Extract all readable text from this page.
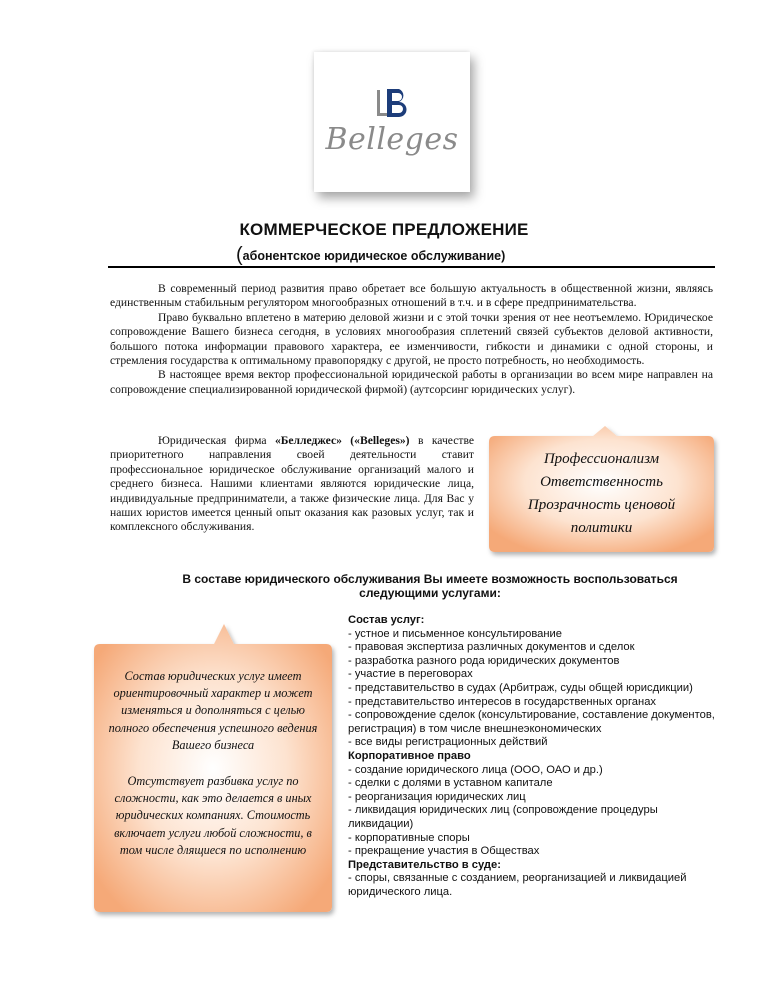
Belleges
КОММЕРЧЕСКОЕ ПРЕДЛОЖЕНИЕ
(абонентское юридическое обслуживание)

В современный период развития право обретает все большую актуальность в общественной жизни, являясь единственным стабильным регулятором многообразных отношений в т.ч. и в сфере предпринимательства.

Право буквально вплетено в материю деловой жизни и с этой точки зрения от нее неотъемлемо. Юридическое сопровождение Вашего бизнеса сегодня, в условиях многообразия сплетений связей субъектов деловой активности, большого потока информации правового характера, ее изменчивости, гибкости и динамики с одной стороны, и стремления государства к оптимальному правопорядку с другой, не просто потребность, но необходимость.

В настоящее время вектор профессиональной юридической работы в организации во всем мире направлен на сопровождение специализированной юридической фирмой) (аутсорсинг юридических услуг).

Юридическая фирма «Белледжес» («Belleges») в качестве приоритетного направления своей деятельности ставит профессиональное юридическое обслуживание организаций малого и среднего бизнеса. Нашими клиентами являются юридические лица, индивидуальные предприниматели, а также физические лица. Для Вас у наших юристов имеется ценный опыт оказания как разовых услуг, так и комплексного обслуживания.

Профессионализм
Ответственность
Прозрачность ценовой
политики
В составе юридического обслуживания Вы имеете возможность воспользоваться следующими услугами:

Состав юридических услуг имеет ориентировочный характер и может изменяться и дополняться с целью полного обеспечения успешного ведения Вашего бизнеса

Отсутствует разбивка услуг по сложности, как это делается в иных юридических компаниях. Стоимость включает услуги любой сложности, в том числе длящиеся по исполнению

Состав услуг:
- устное и письменное консультирование
- правовая экспертиза различных документов и сделок
- разработка разного рода юридических документов
- участие в переговорах
- представительство в судах (Арбитраж, суды общей юрисдикции)
- представительство интересов в государственных органах
- сопровождение сделок (консультирование, составление документов, регистрация) в том числе внешнеэкономических
- все виды регистрационных действий
Корпоративное право
- создание юридического лица (ООО, ОАО и др.)
- сделки с долями в уставном капитале
- реорганизация юридических лиц
- ликвидация юридических лиц (сопровождение процедуры ликвидации)
- корпоративные споры
- прекращение участия в Обществах
Представительство в суде:
- споры, связанные с созданием, реорганизацией и ликвидацией юридического лица.
